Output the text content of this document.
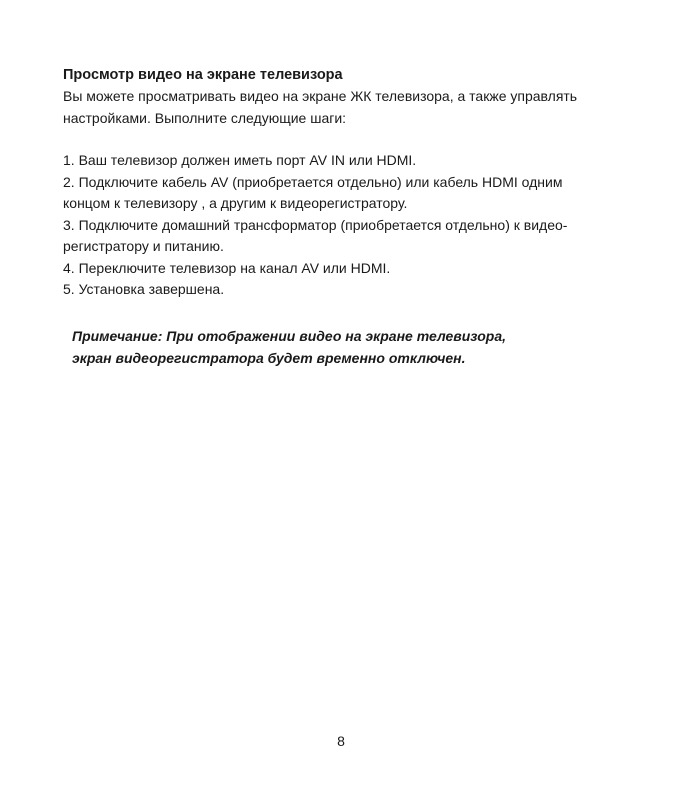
Просмотр видео на экране телевизора

Вы можете просматривать видео на экране ЖК телевизора, а также управлять
настройками. Выполните следующие шаги:

1. Ваш телевизор должен иметь порт AV IN или HDMI.
2. Подключите кабель AV (приобретается отдельно) или кабель HDMI одним
концом к телевизору , а другим к видеорегистратору.
3. Подключите домашний трансформатор (приобретается отдельно) к видео-
регистратору и питанию.
4. Переключите телевизор на канал AV или HDMI.
5. Установка завершена.
Примечание: При отображении видео на экране телевизора,
экран видеорегистратора будет временно отключен.
8
